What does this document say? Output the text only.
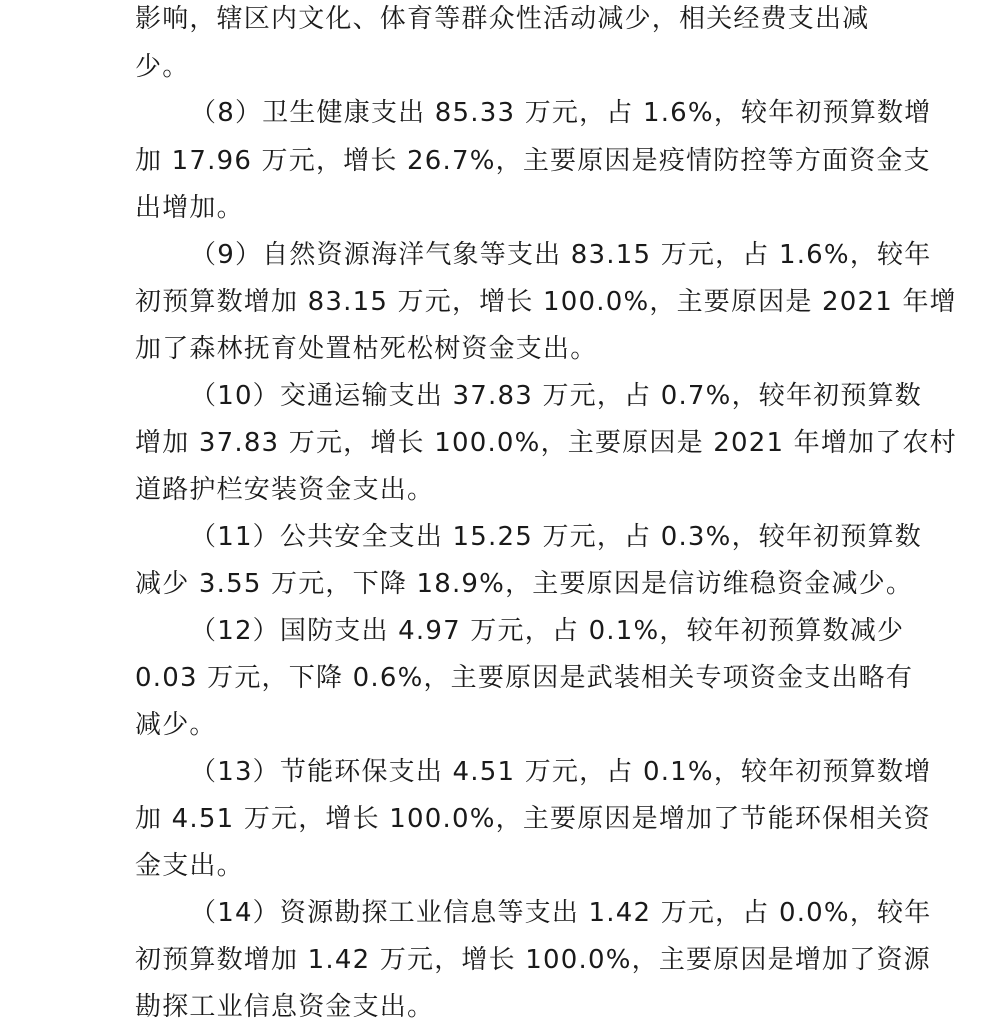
影响，辖区内文化、体育等群众性活动减少，相关经费支出减
少。
（8）卫生健康支出 85.33 万元，占 1.6%，较年初预算数增
加 17.96 万元，增长 26.7%，主要原因是疫情防控等方面资金支
出增加。
（9）自然资源海洋气象等支出 83.15 万元，占 1.6%，较年
初预算数增加 83.15 万元，增长 100.0%，主要原因是 2021 年增
加了森林抚育处置枯死松树资金支出。
（10）交通运输支出 37.83 万元，占 0.7%，较年初预算数
增加 37.83 万元，增长 100.0%，主要原因是 2021 年增加了农村
道路护栏安装资金支出。
（11）公共安全支出 15.25 万元，占 0.3%，较年初预算数
减少 3.55 万元，下降 18.9%，主要原因是信访维稳资金减少。
（12）国防支出 4.97 万元，占 0.1%，较年初预算数减少
0.03 万元，下降 0.6%，主要原因是武装相关专项资金支出略有
减少。
（13）节能环保支出 4.51 万元，占 0.1%，较年初预算数增
加 4.51 万元，增长 100.0%，主要原因是增加了节能环保相关资
金支出。
（14）资源勘探工业信息等支出 1.42 万元，占 0.0%，较年
初预算数增加 1.42 万元，增长 100.0%，主要原因是增加了资源
勘探工业信息资金支出。
